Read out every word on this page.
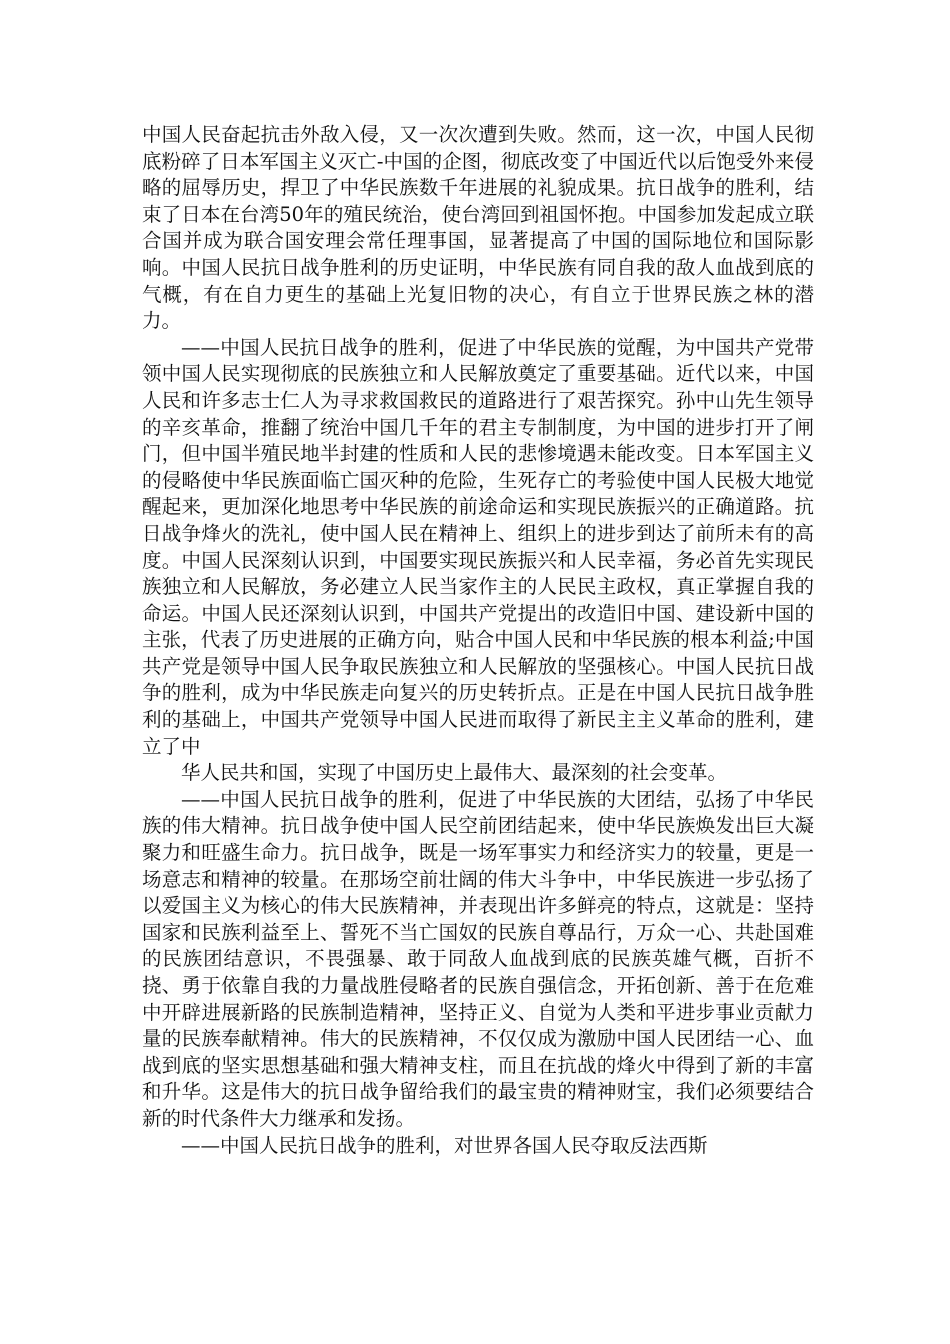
中国人民奋起抗击外敌入侵，又一次次遭到失败。然而，这一次，中国人民彻底粉碎了日本军国主义灭亡-中国的企图，彻底改变了中国近代以后饱受外来侵略的屈辱历史，捍卫了中华民族数千年进展的礼貌成果。抗日战争的胜利，结束了日本在台湾50年的殖民统治，使台湾回到祖国怀抱。中国参加发起成立联合国并成为联合国安理会常任理事国，显著提高了中国的国际地位和国际影响。中国人民抗日战争胜利的历史证明，中华民族有同自我的敌人血战到底的气概，有在自力更生的基础上光复旧物的决心，有自立于世界民族之林的潜力。

——中国人民抗日战争的胜利，促进了中华民族的觉醒，为中国共产党带领中国人民实现彻底的民族独立和人民解放奠定了重要基础。近代以来，中国人民和许多志士仁人为寻求救国救民的道路进行了艰苦探究。孙中山先生领导的辛亥革命，推翻了统治中国几千年的君主专制制度，为中国的进步打开了闸门，但中国半殖民地半封建的性质和人民的悲惨境遇未能改变。日本军国主义的侵略使中华民族面临亡国灭种的危险，生死存亡的考验使中国人民极大地觉醒起来，更加深化地思考中华民族的前途命运和实现民族振兴的正确道路。抗日战争烽火的洗礼，使中国人民在精神上、组织上的进步到达了前所未有的高度。中国人民深刻认识到，中国要实现民族振兴和人民幸福，务必首先实现民族独立和人民解放，务必建立人民当家作主的人民民主政权，真正掌握自我的命运。中国人民还深刻认识到，中国共产党提出的改造旧中国、建设新中国的主张，代表了历史进展的正确方向，贴合中国人民和中华民族的根本利益;中国共产党是领导中国人民争取民族独立和人民解放的坚强核心。中国人民抗日战争的胜利，成为中华民族走向复兴的历史转折点。正是在中国人民抗日战争胜利的基础上，中国共产党领导中国人民进而取得了新民主主义革命的胜利，建立了中

华人民共和国，实现了中国历史上最伟大、最深刻的社会变革。

——中国人民抗日战争的胜利，促进了中华民族的大团结，弘扬了中华民族的伟大精神。抗日战争使中国人民空前团结起来，使中华民族焕发出巨大凝聚力和旺盛生命力。抗日战争，既是一场军事实力和经济实力的较量，更是一场意志和精神的较量。在那场空前壮阔的伟大斗争中，中华民族进一步弘扬了以爱国主义为核心的伟大民族精神，并表现出许多鲜亮的特点，这就是：坚持国家和民族利益至上、誓死不当亡国奴的民族自尊品行，万众一心、共赴国难的民族团结意识，不畏强暴、敢于同敌人血战到底的民族英雄气概，百折不挠、勇于依靠自我的力量战胜侵略者的民族自强信念，开拓创新、善于在危难中开辟进展新路的民族制造精神，坚持正义、自觉为人类和平进步事业贡献力量的民族奉献精神。伟大的民族精神，不仅仅成为激励中国人民团结一心、血战到底的坚实思想基础和强大精神支柱，而且在抗战的烽火中得到了新的丰富和升华。这是伟大的抗日战争留给我们的最宝贵的精神财宝，我们必须要结合新的时代条件大力继承和发扬。

——中国人民抗日战争的胜利，对世界各国人民夺取反法西斯
